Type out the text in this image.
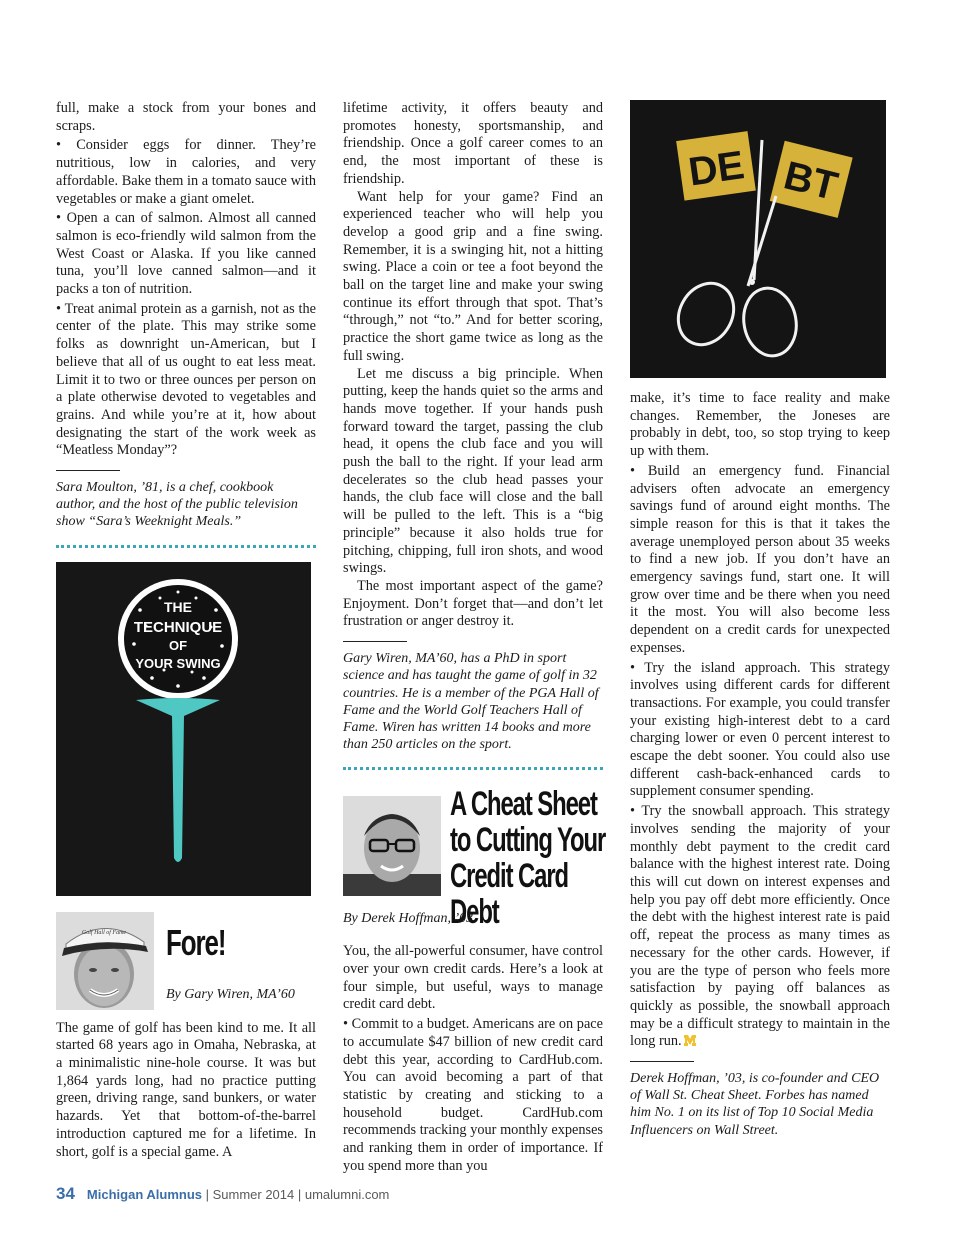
full, make a stock from your bones and scraps.

• Consider eggs for dinner. They’re nutritious, low in calories, and very affordable. Bake them in a tomato sauce with vegetables or make a giant omelet.

• Open a can of salmon. Almost all canned salmon is eco-friendly wild salmon from the West Coast or Alaska. If you like canned tuna, you’ll love canned salmon—and it packs a ton of nutrition.

• Treat animal protein as a garnish, not as the center of the plate. This may strike some folks as downright un-American, but I believe that all of us ought to eat less meat. Limit it to two or three ounces per person on a plate otherwise devoted to vegetables and grains. And while you’re at it, how about designating the start of the work week as “Meatless Monday”?

Sara Moulton, ’81, is a chef, cookbook author, and the host of the public television show “Sara’s Weeknight Meals.”

THE
TECHNIQUE
OF
YOUR SWING
Golf Hall of Fame Fore!
By Gary Wiren, MA’60

The game of golf has been kind to me. It all started 68 years ago in Omaha, Nebraska, at a minimalistic nine-hole course. It was but 1,864 yards long, had no practice putting green, driving range, sand bunkers, or water hazards. Yet that bottom-of-the-barrel introduction captured me for a lifetime. In short, golf is a special game. A

lifetime activity, it offers beauty and promotes honesty, sportsmanship, and friendship. Once a golf career comes to an end, the most important of these is friendship.

Want help for your game? Find an experienced teacher who will help you develop a good grip and a fine swing. Remember, it is a swinging hit, not a hitting swing. Place a coin or tee a foot beyond the ball on the target line and make your swing continue its effort through that spot. That’s “through,” not “to.” And for better scoring, practice the short game twice as long as the full swing.

Let me discuss a big principle. When putting, keep the hands quiet so the arms and hands move together. If your hands push forward toward the target, passing the club head, it opens the club face and you will push the ball to the right. If your lead arm decelerates so the club head passes your hands, the club face will close and the ball will be pulled to the left. This is a “big principle” because it also holds true for pitching, chipping, full iron shots, and wood swings.

The most important aspect of the game? Enjoyment. Don’t forget that—and don’t let frustration or anger destroy it.

Gary Wiren, MA’60, has a PhD in sport science and has taught the game of golf in 32 countries. He is a member of the PGA Hall of Fame and the World Golf Teachers Hall of Fame. Wiren has written 14 books and more than 250 articles on the sport.

A Cheat Sheet
to Cutting Your
Credit Card Debt
By Derek Hoffman, ’03

You, the all-powerful consumer, have control over your own credit cards. Here’s a look at four simple, but useful, ways to manage credit card debt.

• Commit to a budget. Americans are on pace to accumulate $47 billion of new credit card debt this year, according to CardHub.com. You can avoid becoming a part of that statistic by creating and sticking to a household budget. CardHub.com recommends tracking your monthly expenses and ranking them in order of importance. If you spend more than you

DE BT

make, it’s time to face reality and make changes. Remember, the Joneses are probably in debt, too, so stop trying to keep up with them.

• Build an emergency fund. Financial advisers often advocate an emergency savings fund of around eight months. The simple reason for this is that it takes the average unemployed person about 35 weeks to find a new job. If you don’t have an emergency savings fund, start one. It will grow over time and be there when you need it the most. You will also become less dependent on a credit cards for unexpected expenses.

• Try the island approach. This strategy involves using different cards for different transactions. For example, you could transfer your existing high-interest debt to a card charging lower or even 0 percent interest to escape the debt sooner. You could also use different cash-back-enhanced cards to supplement consumer spending.

• Try the snowball approach. This strategy involves sending the majority of your monthly debt payment to the credit card balance with the highest interest rate. Doing this will cut down on interest expenses and help you pay off debt more efficiently. Once the debt with the highest interest rate is paid off, repeat the process as many times as necessary for the other cards. However, if you are the type of person who feels more satisfaction by paying off balances as quickly as possible, the snowball approach may be a difficult strategy to maintain in the long run.

Derek Hoffman, ’03, is co-founder and CEO of Wall St. Cheat Sheet. Forbes has named him No. 1 on its list of Top 10 Social Media Influencers on Wall Street.

34 Michigan Alumnus | Summer 2014 | umalumni.com
